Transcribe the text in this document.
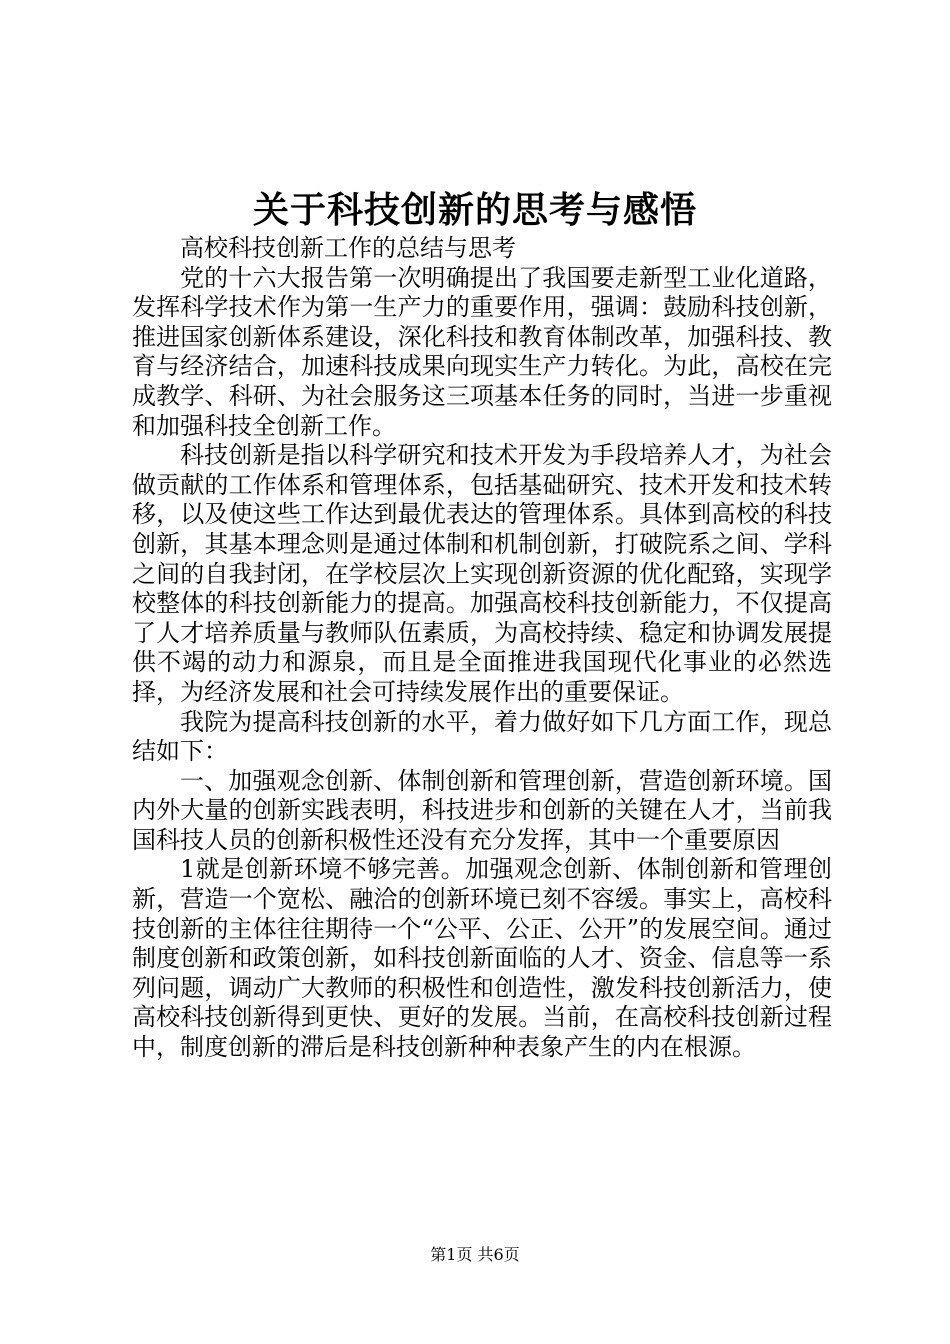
关于科技创新的思考与感悟

高校科技创新工作的总结与思考

党的十六大报告第一次明确提出了我国要走新型工业化道路，发挥科学技术作为第一生产力的重要作用，强调：鼓励科技创新，推进国家创新体系建设，深化科技和教育体制改革，加强科技、教育与经济结合，加速科技成果向现实生产力转化。为此，高校在完成教学、科研、为社会服务这三项基本任务的同时，当进一步重视和加强科技全创新工作。

科技创新是指以科学研究和技术开发为手段培养人才，为社会做贡献的工作体系和管理体系，包括基础研究、技术开发和技术转移，以及使这些工作达到最优表达的管理体系。具体到高校的科技创新，其基本理念则是通过体制和机制创新，打破院系之间、学科之间的自我封闭，在学校层次上实现创新资源的优化配臵，实现学校整体的科技创新能力的提高。加强高校科技创新能力，不仅提高了人才培养质量与教师队伍素质，为高校持续、稳定和协调发展提供不竭的动力和源泉，而且是全面推进我国现代化事业的必然选择，为经济发展和社会可持续发展作出的重要保证。

我院为提高科技创新的水平，着力做好如下几方面工作，现总结如下：

一、加强观念创新、体制创新和管理创新，营造创新环境。国内外大量的创新实践表明，科技进步和创新的关键在人才，当前我国科技人员的创新积极性还没有充分发挥，其中一个重要原因

1就是创新环境不够完善。加强观念创新、体制创新和管理创新，营造一个宽松、融洽的创新环境已刻不容缓。事实上，高校科技创新的主体往往期待一个“公平、公正、公开”的发展空间。通过制度创新和政策创新，如科技创新面临的人才、资金、信息等一系列问题，调动广大教师的积极性和创造性，激发科技创新活力，使高校科技创新得到更快、更好的发展。当前，在高校科技创新过程中，制度创新的滞后是科技创新种种表象产生的内在根源。

第1页 共6页
